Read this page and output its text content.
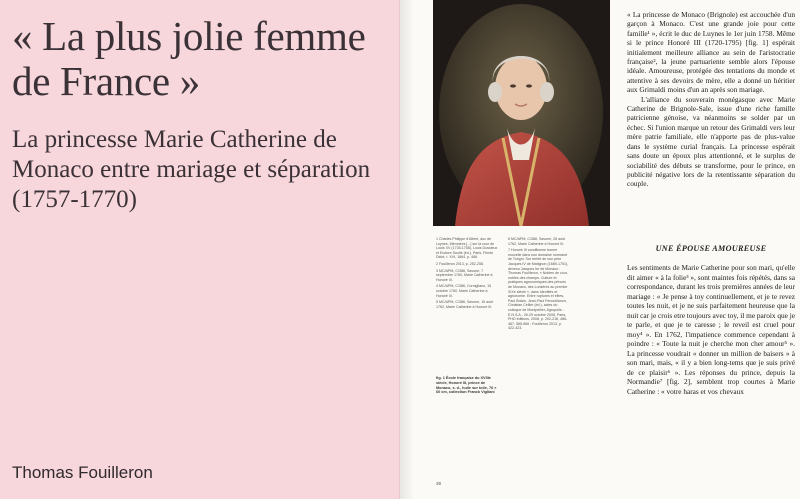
« La plus jolie femme de France »
La princesse Marie Catherine de Monaco entre mariage et séparation (1757-1770)
Thomas Fouilleron

« La princesse de Monaco (Brignole) est accouchée d'un garçon à Monaco. C'est une grande joie pour cette famille¹ », écrit le duc de Luynes le 1er juin 1758. Même si le prince Honoré III (1720-1795) [fig. 1] espérait initialement meilleure alliance au sein de l'aristocratie française², la jeune partuariente semble alors l'épouse idéale. Amoureuse, protégée des tentations du monde et attentive à ses devoirs de mère, elle a donné un héritier aux Grimaldi moins d'un an après son mariage.

L'alliance du souverain monégasque avec Marie Catherine de Brignole-Sale, issue d'une riche famille patricienne génoise, va néanmoins se solder par un échec. Si l'union marque un retour des Grimaldi vers leur mère patrie familiale, elle n'apporte pas de plus-value dans le système curial français. La princesse espérait sans doute un époux plus attentionné, et le surplus de sociabilité des débuts se transforme, pour le prince, en publicité négative lors de la retentissante séparation du couple.

UNE ÉPOUSE AMOUREUSE

Les sentiments de Marie Catherine pour son mari, qu'elle dit aimer « à la folie³ », sont maintes fois répétés, dans sa correspondance, durant les trois premières années de leur mariage : « Je pense à toy continuellement, et je te revez toutes les nuit, et je ne suis parfaitement heureuse que la nuit car je crois etre toujours avec toy, il me paroix que je te parle, et que je te caresse ; le reveil est cruel pour moy⁴ ». En 1762, l'impatience commence cependant à poindre : « Toute la nuit je cherche mon cher amour⁵ ». La princesse voudrait « donner un million de baisers » à son mari, mais, « il y a bien long-tems que je suis privé de ce plaisir⁶ ». Les réponses du prince, depuis la Normandie⁷ [fig. 2], semblent trop courtes à Marie Catherine : « votre haras et vos chevaux

1 Charles Philippe d'Albert, duc de Luynes, Mémoires [...] sur la cour de Louis XV (1735-1758), Louis Dussieux et Eudore Soulié (éd.), Paris, Firmin Didot, t. XVI, 1864, p. 466.
2 Fouilleron 2013, p. 252-258.
3 MC/APM, C/386, Savone, 7 septembre 1760, Marie Catherine à Honoré III.
4 MC/APM, C/386, Cornigliano, 15 octobre 1760, Marie Catherine à Honoré III.
5 MC/APM, C/386, Savone, 15 août 1762, Marie Catherine à Honoré III.
6 MC/APM, C/386, Savone, 26 août 1762, Marie Catherine à Honoré III.
7 Honoré III conditionne bonne nouvelle dans son domaine normand de Torigni. Sur territé de son père Jacques IV de Matignon (1689-1751), devenu Jacques Ier de Monaco : Thomas Fouilleron, « Nobles de cour, nobles des champs. Culture et pratiques agronomiques des princes de Monaco, des Lumières au premier XIXe siècle », dans Identités et agronomie. Entre ruptures et élites, Paul Bolsin, Jean-Paul Fenouillanon, Christian Cellier (éd.), actes du colloque de Montpellier, Agropolis - E.N.S.A., 26-29 octobre 2006, Paris, PHD éditions, 2008, p. 202-216, 486-487, 565-566 ; Fouilleron 2013, p. 422-423.
fig. 1 École française du XVIIIe siècle, Honoré III, prince de Monaco, s. d., huile sur toile, 76 × 60 cm, collection Franck Vigliani
39
